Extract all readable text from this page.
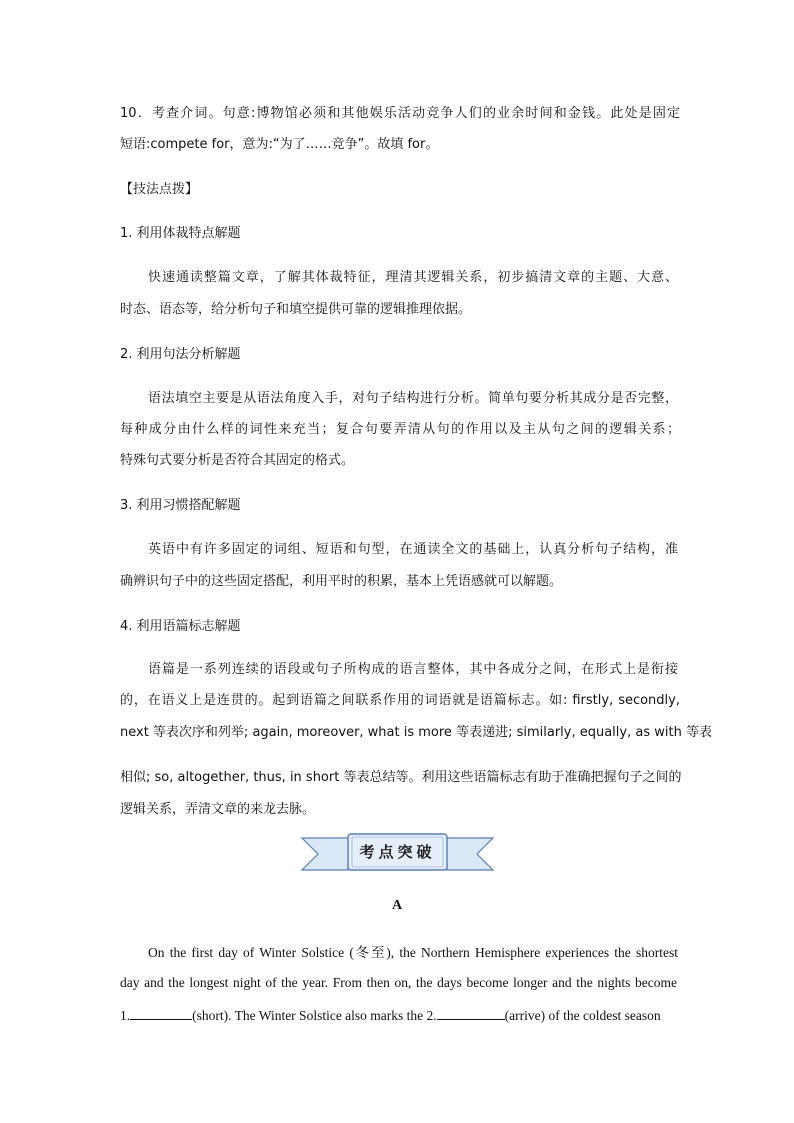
10．考查介词。句意:博物馆必须和其他娱乐活动竞争人们的业余时间和金钱。此处是固定
短语:compete for，意为:“为了……竞争”。故填 for。
【技法点拨】
1. 利用体裁特点解题
快速通读整篇文章，了解其体裁特征，理清其逻辑关系，初步搞清文章的主题、大意、
时态、语态等，给分析句子和填空提供可靠的逻辑推理依据。
2. 利用句法分析解题
语法填空主要是从语法角度入手，对句子结构进行分析。简单句要分析其成分是否完整，
每种成分由什么样的词性来充当；复合句要弄清从句的作用以及主从句之间的逻辑关系；
特殊句式要分析是否符合其固定的格式。
3. 利用习惯搭配解题
英语中有许多固定的词组、短语和句型，在通读全文的基础上，认真分析句子结构，准
确辨识句子中的这些固定搭配，利用平时的积累，基本上凭语感就可以解题。
4. 利用语篇标志解题
语篇是一系列连续的语段或句子所构成的语言整体，其中各成分之间，在形式上是衔接
的，在语义上是连贯的。起到语篇之间联系作用的词语就是语篇标志。如: firstly, secondly,
next 等表次序和列举; again, moreover, what is more 等表递进; similarly, equally, as with 等表
相似; so, altogether, thus, in short 等表总结等。利用这些语篇标志有助于准确把握句子之间的
逻辑关系，弄清文章的来龙去脉。
考点突破
A
On the first day of Winter Solstice (冬至), the Northern Hemisphere experiences the shortest
day and the longest night of the year. From then on, the days become longer and the nights become
1.	(short). The Winter Solstice also marks the 2.	(arrive) of the coldest season
